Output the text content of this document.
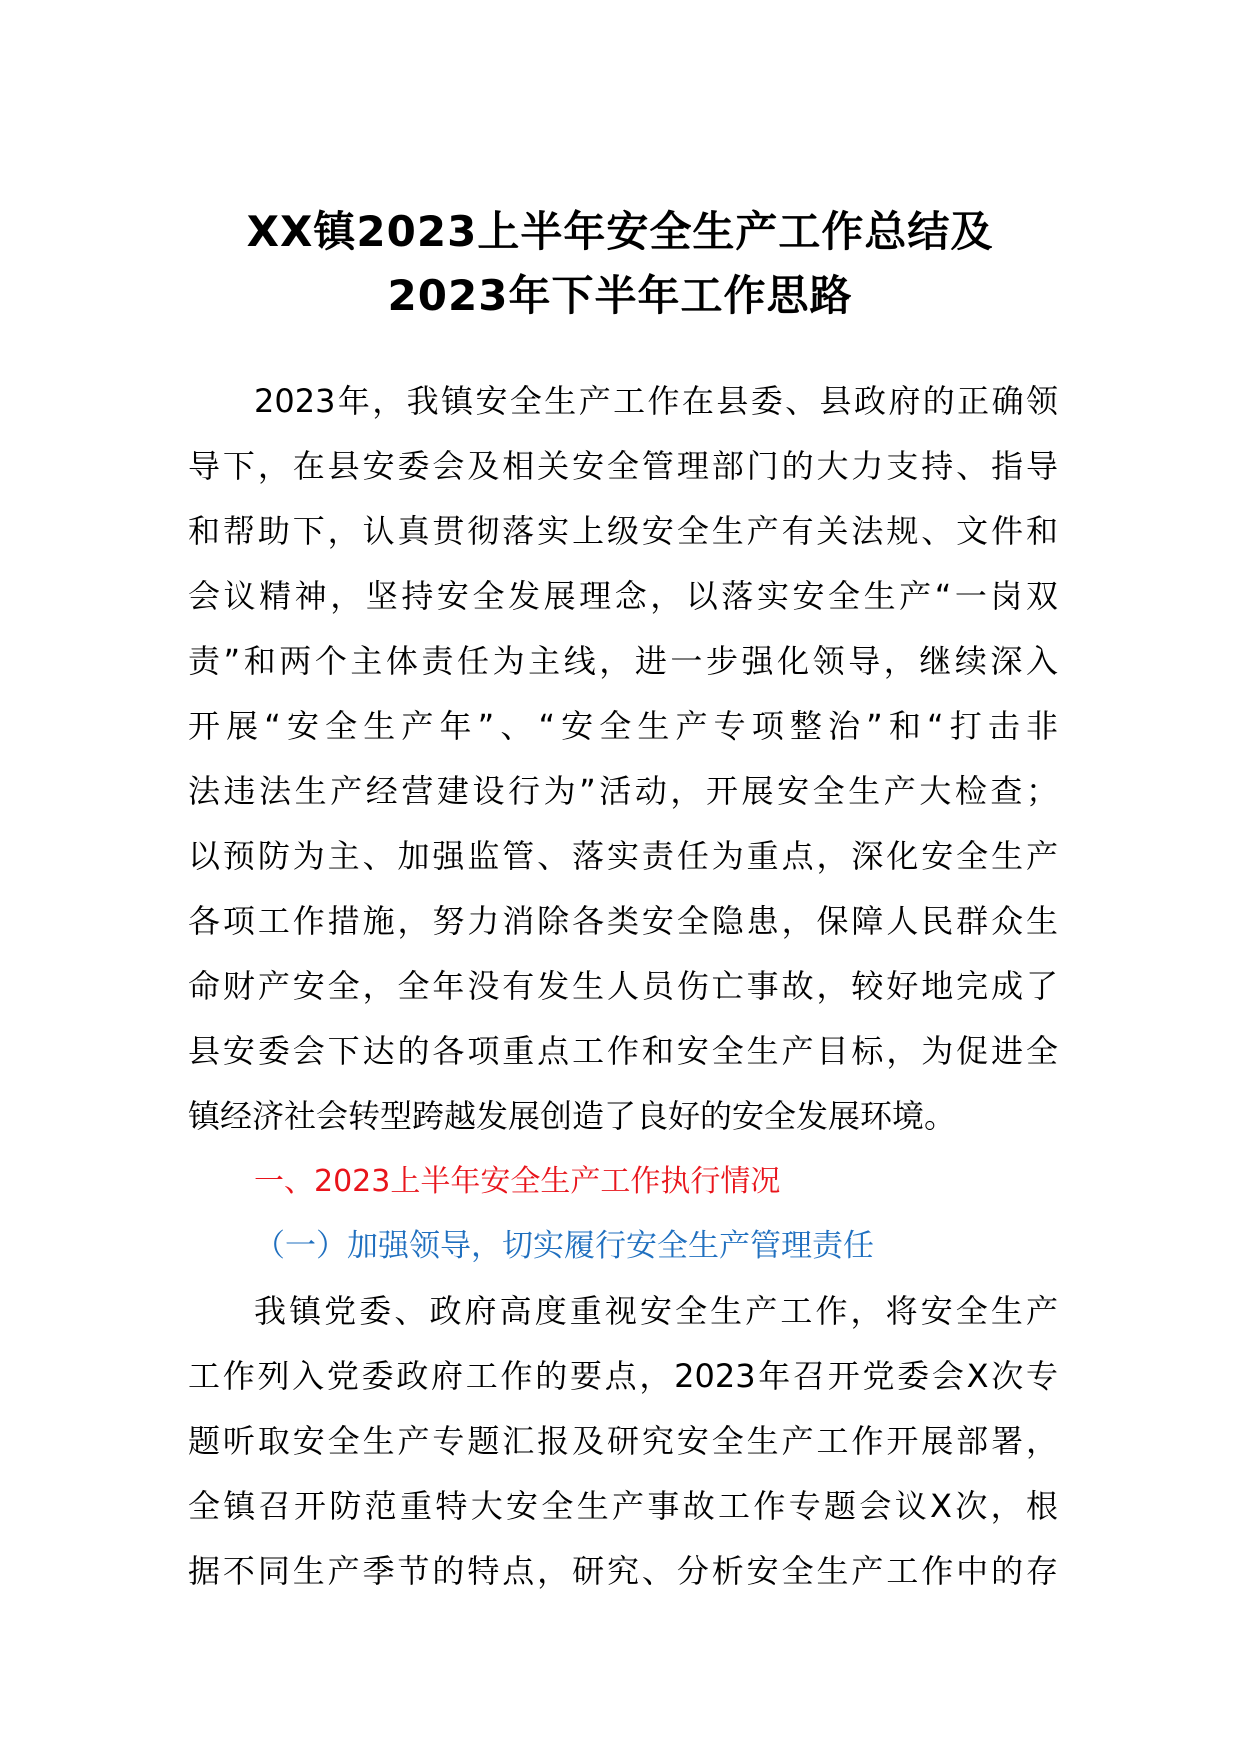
XX镇2023上半年安全生产工作总结及
2023年下半年工作思路
2023年，我镇安全生产工作在县委、县政府的正确领
导下，在县安委会及相关安全管理部门的大力支持、指导
和帮助下，认真贯彻落实上级安全生产有关法规、文件和
会议精神，坚持安全发展理念，以落实安全生产“一岗双
责”和两个主体责任为主线，进一步强化领导，继续深入
开展“安全生产年”、“安全生产专项整治”和“打击非
法违法生产经营建设行为”活动，开展安全生产大检查；
以预防为主、加强监管、落实责任为重点，深化安全生产
各项工作措施，努力消除各类安全隐患，保障人民群众生
命财产安全，全年没有发生人员伤亡事故，较好地完成了
县安委会下达的各项重点工作和安全生产目标，为促进全
镇经济社会转型跨越发展创造了良好的安全发展环境。
一、2023上半年安全生产工作执行情况
（一）加强领导，切实履行安全生产管理责任
我镇党委、政府高度重视安全生产工作，将安全生产
工作列入党委政府工作的要点，2023年召开党委会X次专
题听取安全生产专题汇报及研究安全生产工作开展部署，
全镇召开防范重特大安全生产事故工作专题会议X次，根
据不同生产季节的特点，研究、分析安全生产工作中的存
